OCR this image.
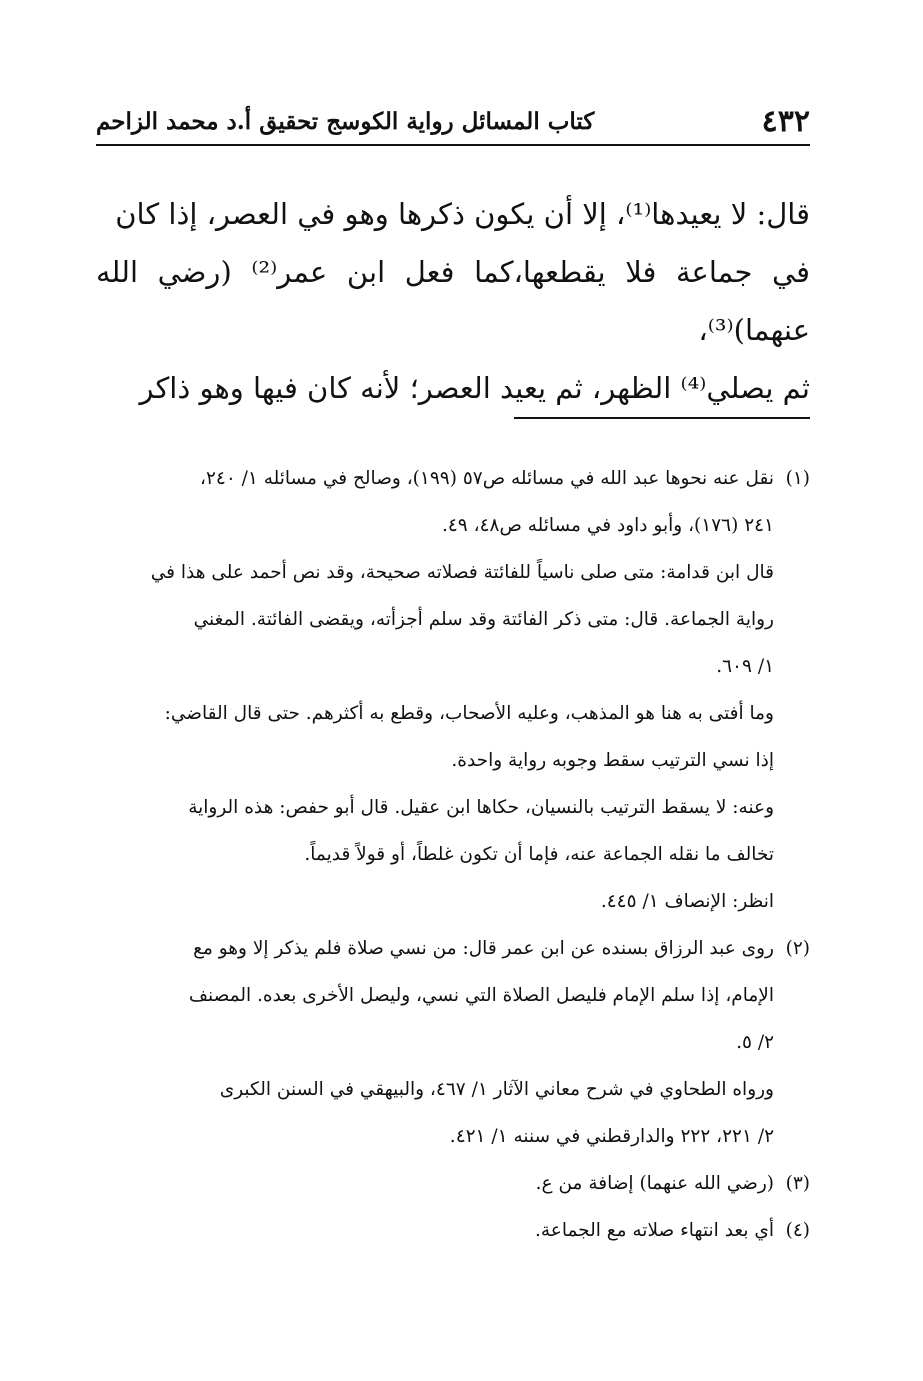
٤٣٢
كتاب المسائل رواية الكوسج تحقيق أ.د محمد الزاحم

قال: لا يعيدها⁽¹⁾، إلا أن يكون ذكرها وهو في العصر، إذا كان

في جماعة فلا يقطعها،كما فعل ابن عمر⁽²⁾ (رضي الله عنهما)⁽³⁾،

ثم يصلي⁽⁴⁾ الظهر، ثم يعيد العصر؛ لأنه كان فيها وهو ذاكر

(١)

نقل عنه نحوها عبد الله في مسائله ص٥٧ (١٩٩)، وصالح في مسائله ١/ ٢٤٠،

٢٤١ (١٧٦)، وأبو داود في مسائله ص٤٨، ٤٩.

قال ابن قدامة: متى صلى ناسياً للفائتة فصلاته صحيحة، وقد نص أحمد على هذا في

رواية الجماعة. قال: متى ذكر الفائتة وقد سلم أجزأته، ويقضى الفائتة. المغني

١/ ٦٠٩.

وما أفتى به هنا هو المذهب، وعليه الأصحاب، وقطع به أكثرهم. حتى قال القاضي:

إذا نسي الترتيب سقط وجوبه رواية واحدة.

وعنه: لا يسقط الترتيب بالنسيان، حكاها ابن عقيل. قال أبو حفص: هذه الرواية

تخالف ما نقله الجماعة عنه، فإما أن تكون غلطاً، أو قولاً قديماً.

انظر: الإنصاف ١/ ٤٤٥.

(٢)

روى عبد الرزاق بسنده عن ابن عمر قال: من نسي صلاة فلم يذكر إلا وهو مع

الإمام، إذا سلم الإمام فليصل الصلاة التي نسي، وليصل الأخرى بعده. المصنف

٢/ ٥.

ورواه الطحاوي في شرح معاني الآثار ١/ ٤٦٧، والبيهقي في السنن الكبرى

٢/ ٢٢١، ٢٢٢ والدارقطني في سننه ١/ ٤٢١.

(٣)

(رضي الله عنهما) إضافة من ع.

(٤)

أي بعد انتهاء صلاته مع الجماعة.
